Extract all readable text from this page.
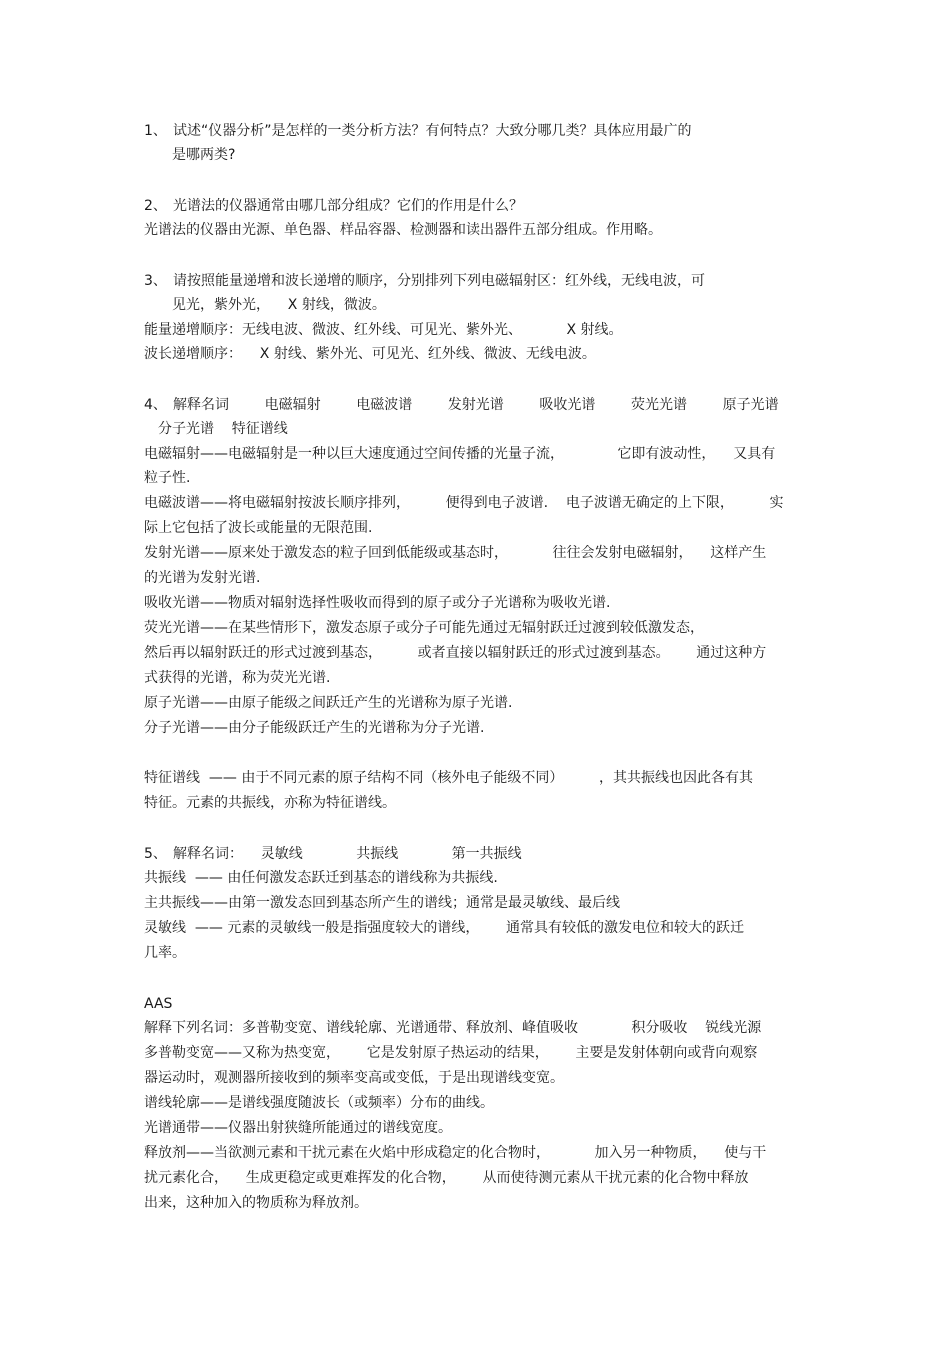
1、 试述“仪器分析”是怎样的一类分析方法？有何特点？大致分哪几类？具体应用最广的
是哪两类?
2、 光谱法的仪器通常由哪几部分组成？它们的作用是什么？
光谱法的仪器由光源、单色器、样品容器、检测器和读出器件五部分组成。作用略。
3、 请按照能量递增和波长递增的顺序，分别排列下列电磁辐射区：红外线，无线电波，可
见光，紫外光，    X 射线，微波。
能量递增顺序：无线电波、微波、红外线、可见光、紫外光、          X 射线。
波长递增顺序：    X 射线、紫外光、可见光、红外线、微波、无线电波。
4、 解释名词        电磁辐射        电磁波谱        发射光谱        吸收光谱        荧光光谱        原子光谱
分子光谱    特征谱线
电磁辐射——电磁辐射是一种以巨大速度通过空间传播的光量子流，            它即有波动性，    又具有
粒子性.
电磁波谱——将电磁辐射按波长顺序排列，        便得到电子波谱.    电子波谱无确定的上下限，        实
际上它包括了波长或能量的无限范围.
发射光谱——原来处于激发态的粒子回到低能级或基态时，          往往会发射电磁辐射，    这样产生
的光谱为发射光谱.
吸收光谱——物质对辐射选择性吸收而得到的原子或分子光谱称为吸收光谱.
荧光光谱——在某些情形下，激发态原子或分子可能先通过无辐射跃迁过渡到较低激发态，
然后再以辐射跃迁的形式过渡到基态，        或者直接以辐射跃迁的形式过渡到基态。      通过这种方
式获得的光谱，称为荧光光谱.
原子光谱——由原子能级之间跃迁产生的光谱称为原子光谱.
分子光谱——由分子能级跃迁产生的光谱称为分子光谱.
特征谱线  —— 由于不同元素的原子结构不同（核外电子能级不同）        ，其共振线也因此各有其
特征。元素的共振线，亦称为特征谱线。
5、 解释名词：    灵敏线            共振线            第一共振线
共振线  —— 由任何激发态跃迁到基态的谱线称为共振线.
主共振线——由第一激发态回到基态所产生的谱线；通常是最灵敏线、最后线
灵敏线  —— 元素的灵敏线一般是指强度较大的谱线，      通常具有较低的激发电位和较大的跃迁
几率。
AAS
解释下列名词：多普勒变宽、谱线轮廓、光谱通带、释放剂、峰值吸收            积分吸收    锐线光源
多普勒变宽——又称为热变宽，      它是发射原子热运动的结果，      主要是发射体朝向或背向观察
器运动时，观测器所接收到的频率变高或变低，于是出现谱线变宽。
谱线轮廓——是谱线强度随波长（或频率）分布的曲线。
光谱通带——仪器出射狭缝所能通过的谱线宽度。
释放剂——当欲测元素和干扰元素在火焰中形成稳定的化合物时，          加入另一种物质，    使与干
扰元素化合，    生成更稳定或更难挥发的化合物，      从而使待测元素从干扰元素的化合物中释放
出来，这种加入的物质称为释放剂。
